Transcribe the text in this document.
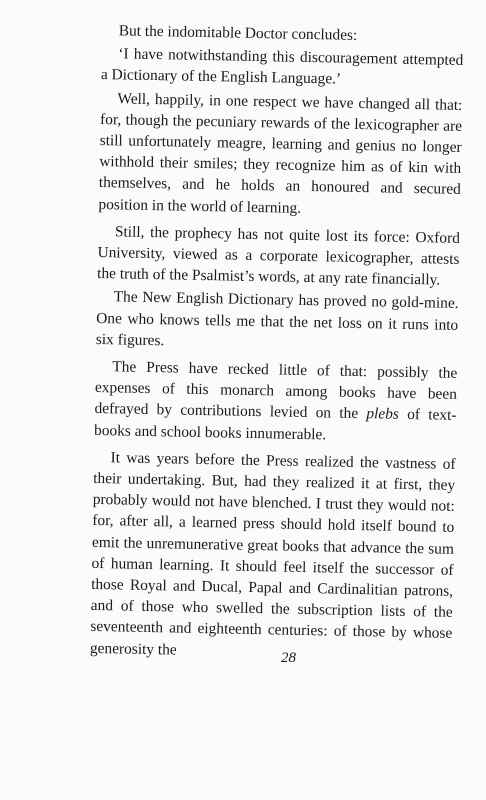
But the indomitable Doctor concludes:

‘I have notwithstanding this discouragement attempted a Dictionary of the English Language.’

Well, happily, in one respect we have changed all that: for, though the pecuniary rewards of the lexicographer are still unfortunately meagre, learning and genius no longer withhold their smiles; they recognize him as of kin with themselves, and he holds an honoured and secured position in the world of learning.

Still, the prophecy has not quite lost its force: Oxford University, viewed as a corporate lexicographer, attests the truth of the Psalmist’s words, at any rate financially.

The New English Dictionary has proved no gold-mine. One who knows tells me that the net loss on it runs into six figures.

The Press have recked little of that: possibly the expenses of this monarch among books have been defrayed by contributions levied on the plebs of text-books and school books innumerable.

It was years before the Press realized the vastness of their undertaking. But, had they realized it at first, they probably would not have blenched. I trust they would not: for, after all, a learned press should hold itself bound to emit the unremunerative great books that advance the sum of human learning. It should feel itself the successor of those Royal and Ducal, Papal and Cardinalitian patrons, and of those who swelled the subscription lists of the seventeenth and eighteenth centuries: of those by whose generosity the	28
